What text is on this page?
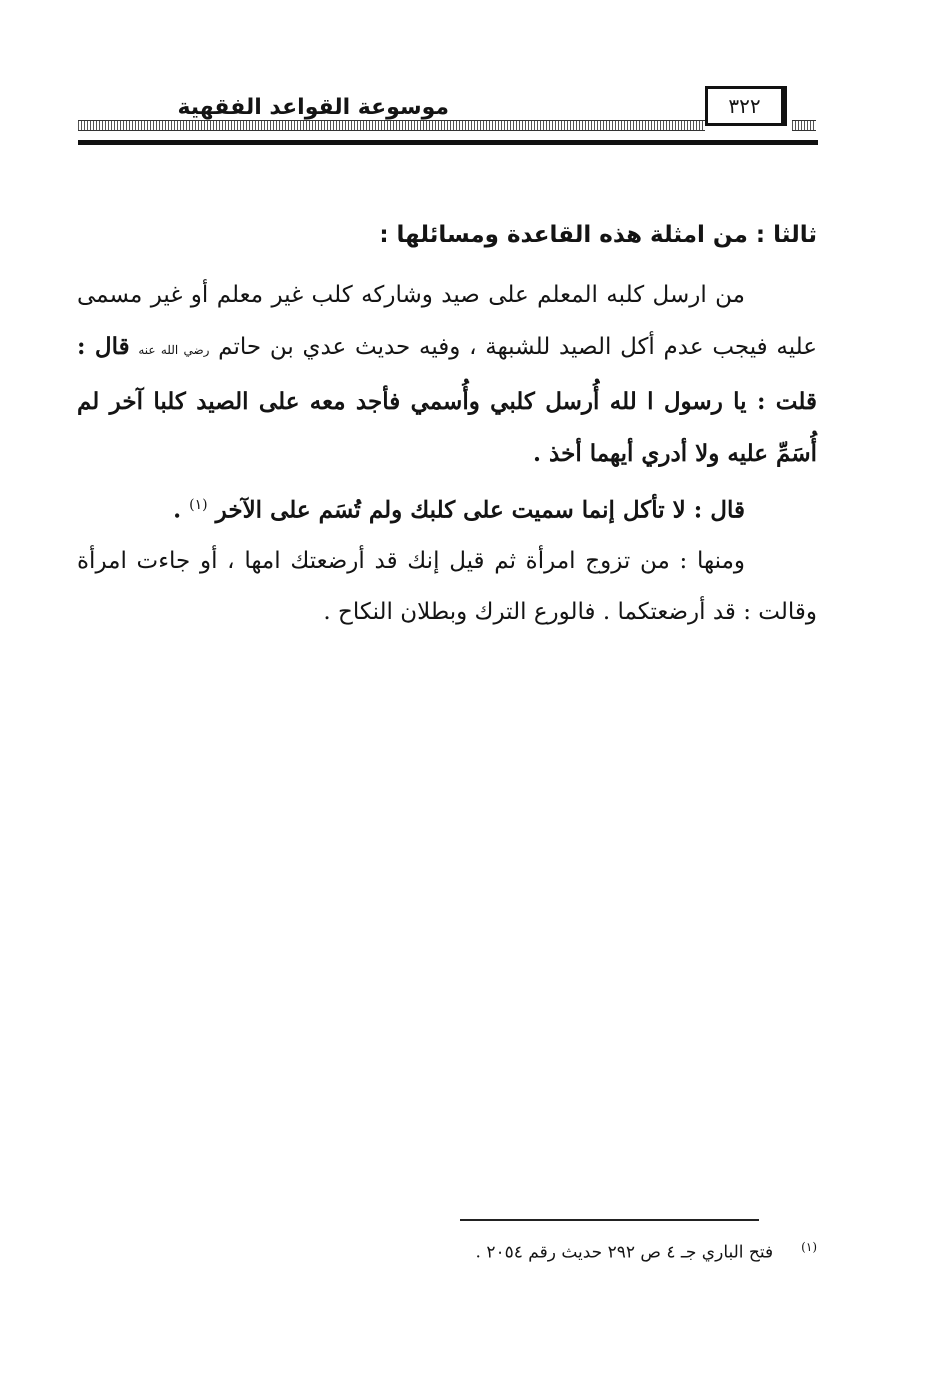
موسوعة القواعد الفقهية	٣٢٢
ثالثا : من امثلة هذه القاعدة ومسائلها :

من ارسل كلبه المعلم على صيد وشاركه كلب غير معلم أو غير مسمى عليه فيجب عدم أكل الصيد للشبهة ، وفيه حديث عدي بن حاتم رضي الله عنه قال : قلت : يا رسول ا لله أُرسل كلبي وأُسمي فأجد معه على الصيد كلبا آخر لم أُسَمِّ عليه ولا أدري أيهما أخذ .

قال : لا تأكل إنما سميت على كلبك ولم تُسَم على الآخر $^{(١)}$ .

ومنها : من تزوج امرأة ثم قيل إنك قد أرضعتك امها ، أو جاءت امرأة وقالت : قد أرضعتكما . فالورع الترك وبطلان النكاح .

(١)فتح الباري جـ ٤ ص ٢٩٢ حديث رقم ٢٠٥٤ .
